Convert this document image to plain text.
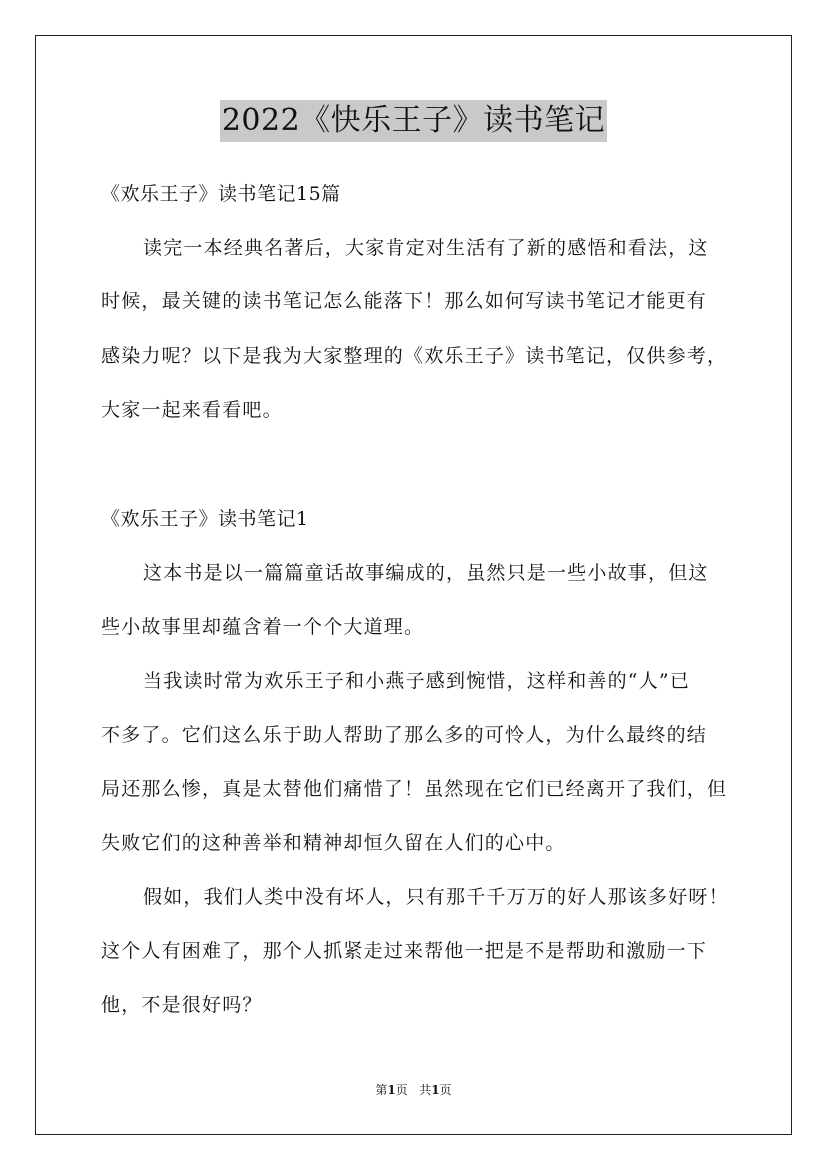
2022《快乐王子》读书笔记
《欢乐王子》读书笔记15篇
读完一本经典名著后，大家肯定对生活有了新的感悟和看法，这
时候，最关键的读书笔记怎么能落下！那么如何写读书笔记才能更有
感染力呢？以下是我为大家整理的《欢乐王子》读书笔记，仅供参考，
大家一起来看看吧。
《欢乐王子》读书笔记1
这本书是以一篇篇童话故事编成的，虽然只是一些小故事，但这
些小故事里却蕴含着一个个大道理。
当我读时常为欢乐王子和小燕子感到惋惜，这样和善的“人”已
不多了。它们这么乐于助人帮助了那么多的可怜人，为什么最终的结
局还那么惨，真是太替他们痛惜了！虽然现在它们已经离开了我们，但
失败它们的这种善举和精神却恒久留在人们的心中。
假如，我们人类中没有坏人，只有那千千万万的好人那该多好呀！
这个人有困难了，那个人抓紧走过来帮他一把是不是帮助和激励一下
他，不是很好吗？
第1页 共1页
